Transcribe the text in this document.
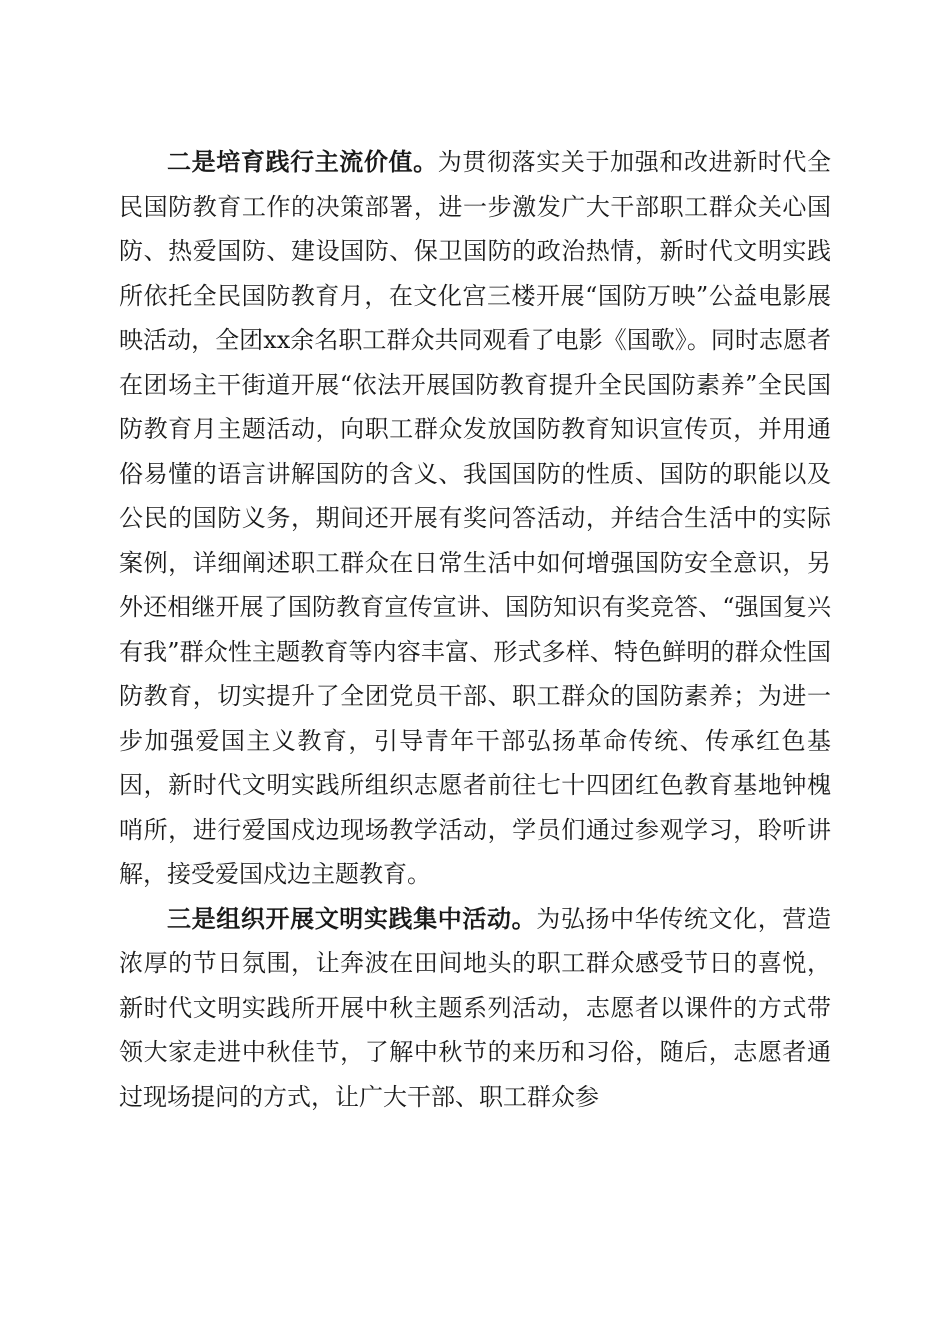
二是培育践行主流价值。为贯彻落实关于加强和改进新时代全民国防教育工作的决策部署，进一步激发广大干部职工群众关心国防、热爱国防、建设国防、保卫国防的政治热情，新时代文明实践所依托全民国防教育月，在文化宫三楼开展“国防万映”公益电影展映活动，全团xx余名职工群众共同观看了电影《国歌》。同时志愿者在团场主干街道开展“依法开展国防教育提升全民国防素养”全民国防教育月主题活动，向职工群众发放国防教育知识宣传页，并用通俗易懂的语言讲解国防的含义、我国国防的性质、国防的职能以及公民的国防义务，期间还开展有奖问答活动，并结合生活中的实际案例，详细阐述职工群众在日常生活中如何增强国防安全意识，另外还相继开展了国防教育宣传宣讲、国防知识有奖竞答、“强国复兴有我”群众性主题教育等内容丰富、形式多样、特色鲜明的群众性国防教育，切实提升了全团党员干部、职工群众的国防素养；为进一步加强爱国主义教育，引导青年干部弘扬革命传统、传承红色基因，新时代文明实践所组织志愿者前往七十四团红色教育基地钟槐哨所，进行爱国戍边现场教学活动，学员们通过参观学习，聆听讲解，接受爱国戍边主题教育。

三是组织开展文明实践集中活动。为弘扬中华传统文化，营造浓厚的节日氛围，让奔波在田间地头的职工群众感受节日的喜悦，新时代文明实践所开展中秋主题系列活动，志愿者以课件的方式带领大家走进中秋佳节，了解中秋节的来历和习俗，随后，志愿者通过现场提问的方式，让广大干部、职工群众参
